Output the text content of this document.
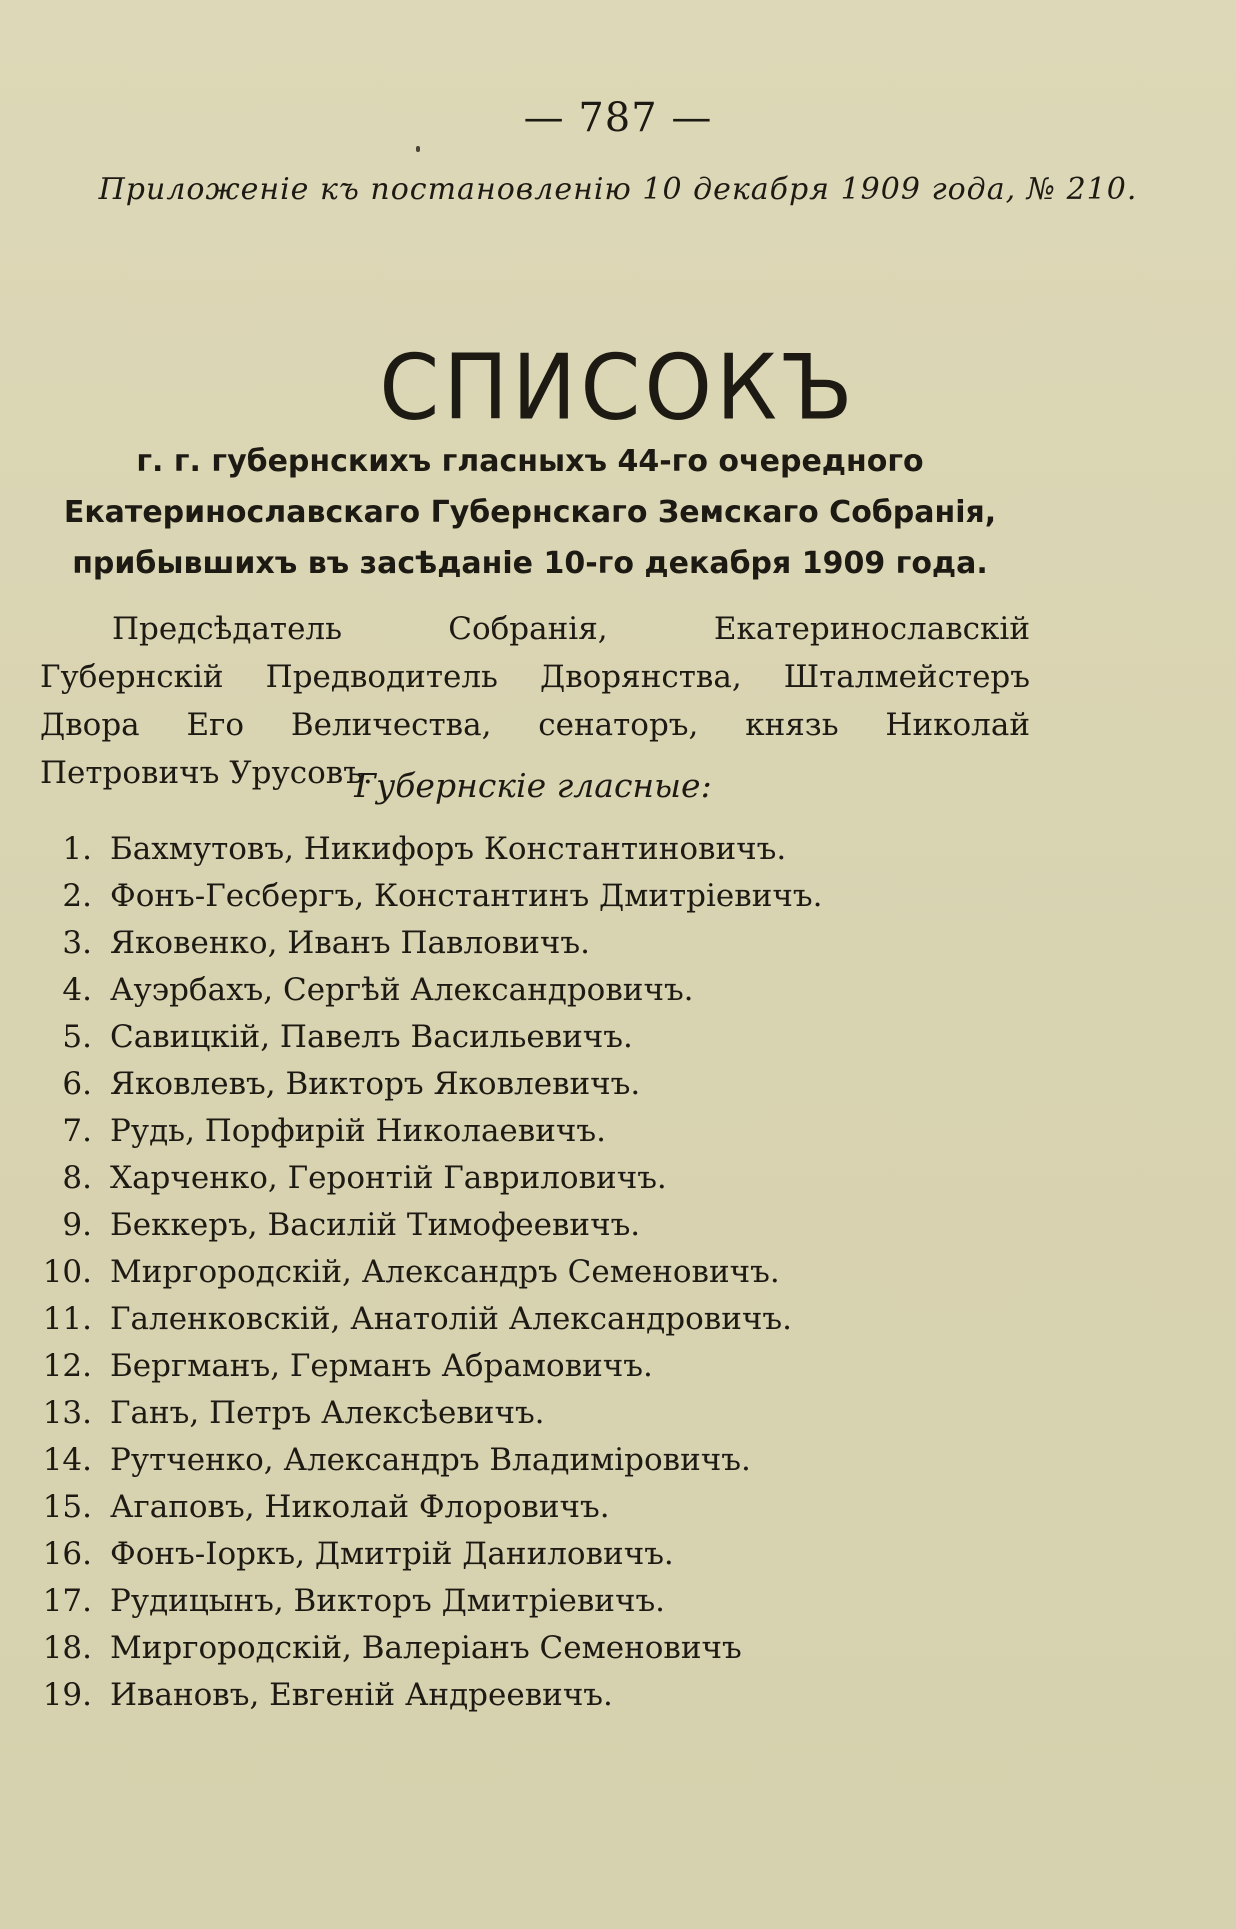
— 787 —
Приложеніе къ постановленію 10 декабря 1909 года, № 210.
СПИСОКЪ
г. г. губернскихъ гласныхъ 44-го очередного Екатеринославскаго Губернскаго Земскаго Собранія, прибывшихъ въ засѣданіе 10-го декабря 1909 года.
Предсѣдатель Собранія, Екатеринославскій Губернскій Предводитель Дворянства, Шталмейстеръ Двора Его Величества, сенаторъ, князь Николай Петровичъ Урусовъ.
Губернскіе гласные:
1. Бахмутовъ, Никифоръ Константиновичъ.
2. Фонъ-Гесбергъ, Константинъ Дмитріевичъ.
3. Яковенко, Иванъ Павловичъ.
4. Ауэрбахъ, Сергѣй Александровичъ.
5. Савицкій, Павелъ Васильевичъ.
6. Яковлевъ, Викторъ Яковлевичъ.
7. Рудь, Порфирій Николаевичъ.
8. Харченко, Геронтій Гавриловичъ.
9. Беккеръ, Василій Тимофеевичъ.
10. Миргородскій, Александръ Семеновичъ.
11. Галенковскій, Анатолій Александровичъ.
12. Бергманъ, Германъ Абрамовичъ.
13. Ганъ, Петръ Алексѣевичъ.
14. Рутченко, Александръ Владиміровичъ.
15. Агаповъ, Николай Флоровичъ.
16. Фонъ-Іоркъ, Дмитрій Даниловичъ.
17. Рудицынъ, Викторъ Дмитріевичъ.
18. Миргородскій, Валеріанъ Семеновичъ
19. Ивановъ, Евгеній Андреевичъ.
